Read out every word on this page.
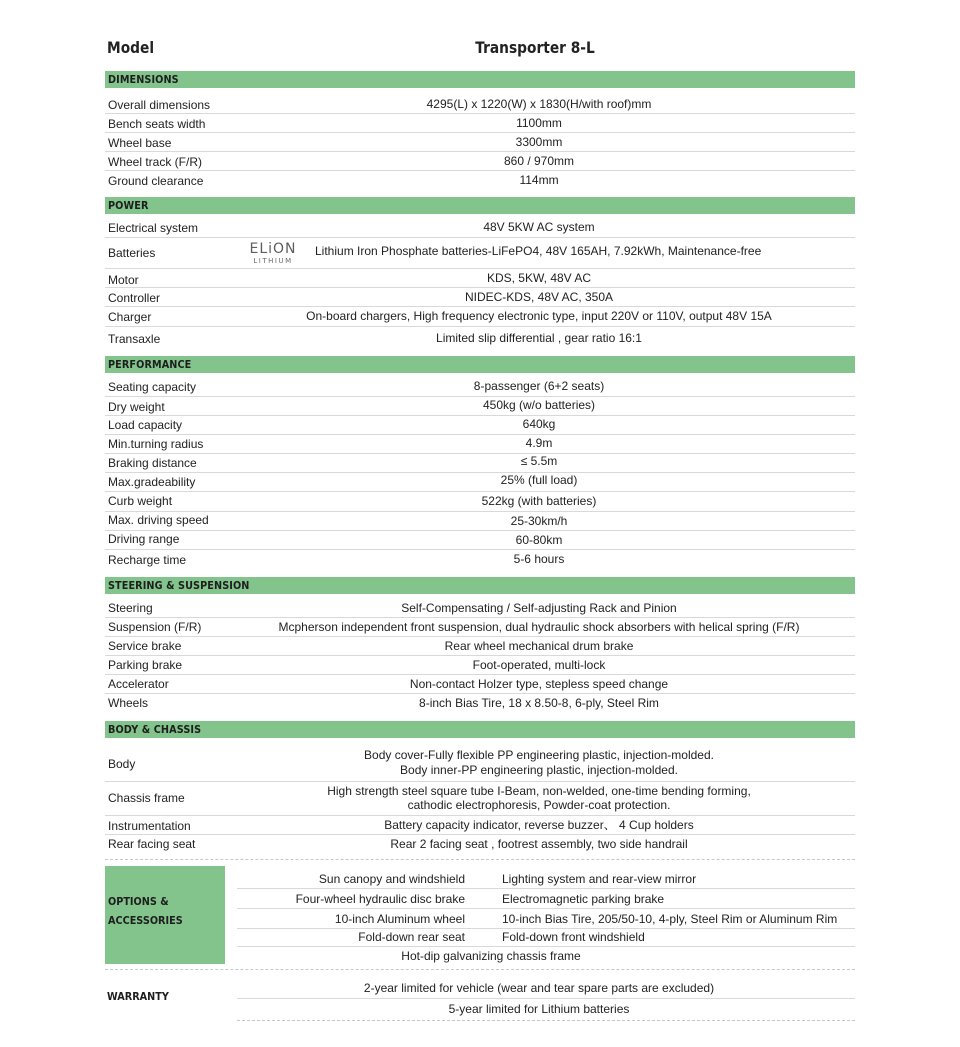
Model	Transporter 8-L
DIMENSIONS
Overall dimensions	4295(L) x 1220(W) x 1830(H/with roof)mm
Bench seats width	1100mm
Wheel base	3300mm
Wheel track (F/R)	860 / 970mm
Ground clearance	114mm
POWER
Electrical system	48V 5KW AC system
Batteries	Lithium Iron Phosphate batteries-LiFePO4, 48V 165AH, 7.92kWh, Maintenance-free
ELiON
LITHIUM
Motor	KDS, 5KW, 48V AC
Controller	NIDEC-KDS, 48V AC, 350A
Charger	On-board chargers, High frequency electronic type, input 220V or 110V, output 48V 15A
Transaxle	Limited slip differential , gear ratio 16:1
PERFORMANCE
Seating capacity	8-passenger (6+2 seats)
Dry weight	450kg (w/o batteries)
Load capacity	640kg
Min.turning radius	4.9m
Braking distance	≤ 5.5m
Max.gradeability	25% (full load)
Curb weight	522kg (with batteries)
Max. driving speed	25-30km/h
Driving range	60-80km
Recharge time	5-6 hours
STEERING & SUSPENSION
Steering	Self-Compensating / Self-adjusting Rack and Pinion
Suspension (F/R)	Mcpherson independent front suspension, dual hydraulic shock absorbers with helical spring (F/R)
Service brake	Rear wheel mechanical drum brake
Parking brake	Foot-operated, multi-lock
Accelerator	Non-contact Holzer type, stepless speed change
Wheels	8-inch Bias Tire, 18 x 8.50-8, 6-ply, Steel Rim
BODY & CHASSIS
Body
Body cover-Fully flexible PP engineering plastic, injection-molded.
Body inner-PP engineering plastic, injection-molded.
Chassis frame	High strength steel square tube I-Beam, non-welded, one-time bending forming,
cathodic electrophoresis, Powder-coat protection.
Instrumentation	Battery capacity indicator, reverse buzzer、 4 Cup holders
Rear facing seat	Rear 2 facing seat , footrest assembly, two side handrail
OPTIONS &
ACCESSORIES
Sun canopy and windshield	Lighting system and rear-view mirror
Four-wheel hydraulic disc brake	Electromagnetic parking brake
10-inch Aluminum wheel	10-inch Bias Tire, 205/50-10, 4-ply, Steel Rim or Aluminum Rim
Fold-down rear seat	Fold-down front windshield
Hot-dip galvanizing chassis frame
WARRANTY
2-year limited for vehicle (wear and tear spare parts are excluded)
5-year limited for Lithium batteries
